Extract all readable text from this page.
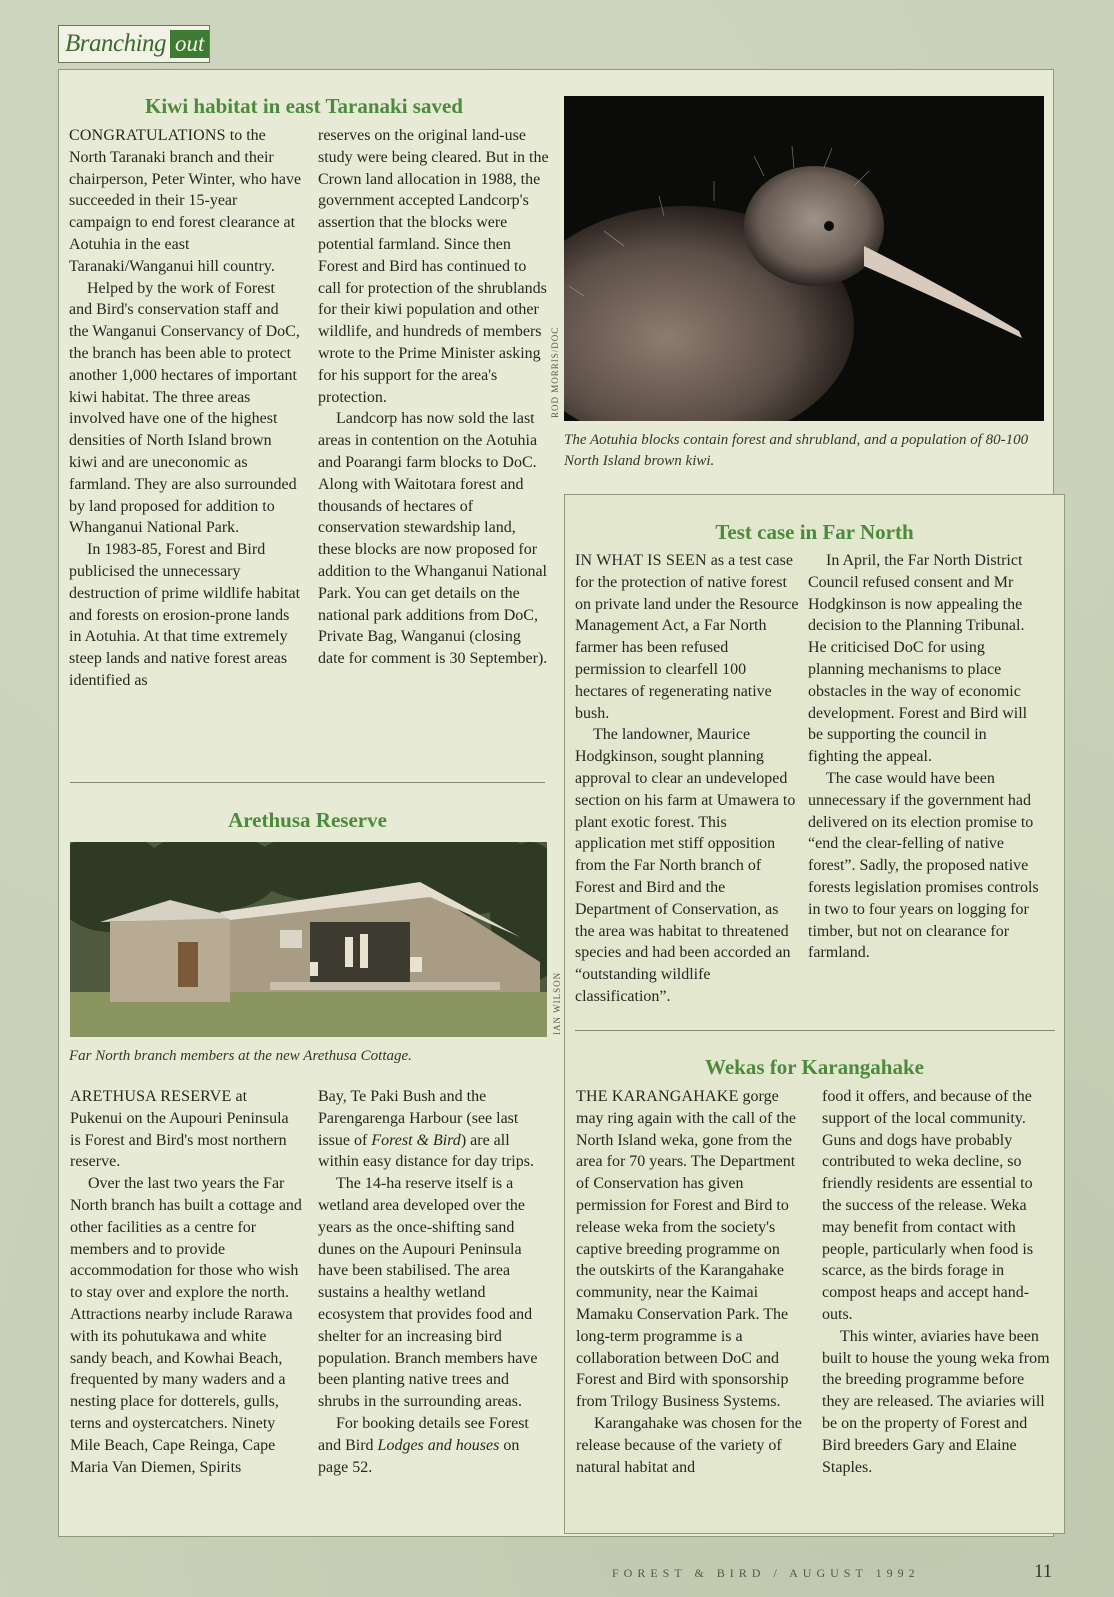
Branching out
Kiwi habitat in east Taranaki saved

CONGRATULATIONS to the North Taranaki branch and their chairperson, Peter Winter, who have succeeded in their 15-year campaign to end forest clearance at Aotuhia in the east Taranaki/Wanganui hill country.

Helped by the work of Forest and Bird's conservation staff and the Wanganui Conservancy of DoC, the branch has been able to protect another 1,000 hectares of important kiwi habitat. The three areas involved have one of the highest densities of North Island brown kiwi and are uneconomic as farmland. They are also surrounded by land proposed for addition to Whanganui National Park.

In 1983-85, Forest and Bird publicised the unnecessary destruction of prime wildlife habitat and forests on erosion-prone lands in Aotuhia. At that time extremely steep lands and native forest areas identified as

reserves on the original land-use study were being cleared. But in the Crown land allocation in 1988, the government accepted Landcorp's assertion that the blocks were potential farmland. Since then Forest and Bird has continued to call for protection of the shrublands for their kiwi population and other wildlife, and hundreds of members wrote to the Prime Minister asking for his support for the area's protection.

Landcorp has now sold the last areas in contention on the Aotuhia and Poarangi farm blocks to DoC. Along with Waitotara forest and thousands of hectares of conservation stewardship land, these blocks are now proposed for addition to the Whanganui National Park. You can get details on the national park additions from DoC, Private Bag, Wanganui (closing date for comment is 30 September).

ROD MORRIS/DOC
The Aotuhia blocks contain forest and shrubland, and a population of 80-100 North Island brown kiwi.
Arethusa Reserve
IAN WILSON
Far North branch members at the new Arethusa Cottage.

ARETHUSA RESERVE at Pukenui on the Aupouri Peninsula is Forest and Bird's most northern reserve.

Over the last two years the Far North branch has built a cottage and other facilities as a centre for members and to provide accommodation for those who wish to stay over and explore the north. Attractions nearby include Rarawa with its pohutukawa and white sandy beach, and Kowhai Beach, frequented by many waders and a nesting place for dotterels, gulls, terns and oystercatchers. Ninety Mile Beach, Cape Reinga, Cape Maria Van Diemen, Spirits

Bay, Te Paki Bush and the Parengarenga Harbour (see last issue of Forest & Bird) are all within easy distance for day trips.

The 14-ha reserve itself is a wetland area developed over the years as the once-shifting sand dunes on the Aupouri Peninsula have been stabilised. The area sustains a healthy wetland ecosystem that provides food and shelter for an increasing bird population. Branch members have been planting native trees and shrubs in the surrounding areas.

For booking details see Forest and Bird Lodges and houses on page 52.

Test case in Far North

IN WHAT IS SEEN as a test case for the protection of native forest on private land under the Resource Management Act, a Far North farmer has been refused permission to clearfell 100 hectares of regenerating native bush.

The landowner, Maurice Hodgkinson, sought planning approval to clear an undeveloped section on his farm at Umawera to plant exotic forest. This application met stiff opposition from the Far North branch of Forest and Bird and the Department of Conservation, as the area was habitat to threatened species and had been accorded an “outstanding wildlife classification”.

In April, the Far North District Council refused consent and Mr Hodgkinson is now appealing the decision to the Planning Tribunal. He criticised DoC for using planning mechanisms to place obstacles in the way of economic development. Forest and Bird will be supporting the council in fighting the appeal.

The case would have been unnecessary if the government had delivered on its election promise to “end the clear-felling of native forest”. Sadly, the proposed native forests legislation promises controls in two to four years on logging for timber, but not on clearance for farmland.

Wekas for Karangahake

THE KARANGAHAKE gorge may ring again with the call of the North Island weka, gone from the area for 70 years. The Department of Conservation has given permission for Forest and Bird to release weka from the society's captive breeding programme on the outskirts of the Karangahake community, near the Kaimai Mamaku Conservation Park. The long-term programme is a collaboration between DoC and Forest and Bird with sponsorship from Trilogy Business Systems.

Karangahake was chosen for the release because of the variety of natural habitat and

food it offers, and because of the support of the local community. Guns and dogs have probably contributed to weka decline, so friendly residents are essential to the success of the release. Weka may benefit from contact with people, particularly when food is scarce, as the birds forage in compost heaps and accept hand-outs.

This winter, aviaries have been built to house the young weka from the breeding programme before they are released. The aviaries will be on the property of Forest and Bird breeders Gary and Elaine Staples.

FOREST & BIRD / AUGUST 1992	11
